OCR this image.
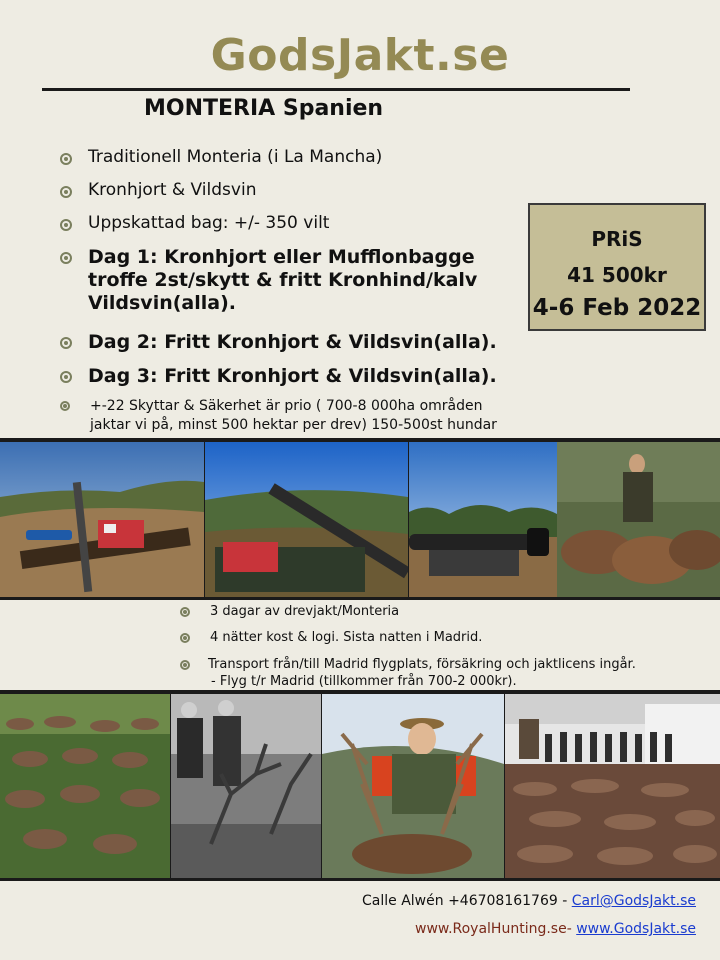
GodsJakt.se
MONTERIA Spanien
Traditionell Monteria (i La Mancha)
Kronhjort & Vildsvin
Uppskattad bag: +/- 350 vilt
Dag 1: Kronhjort eller Mufflonbagge troffe 2st/skytt & fritt Kronhind/kalv Vildsvin(alla).
Dag 2: Fritt Kronhjort & Vildsvin(alla).
Dag 3: Fritt Kronhjort & Vildsvin(alla).
+-22 Skyttar & Säkerhet är prio ( 700-8 000ha områden jaktar vi på, minst 500 hektar per drev) 150-500st hundar
PRiS
41 500kr
4-6 Feb 2022
3 dagar av drevjakt/Monteria
4 nätter kost & logi. Sista natten i Madrid.
Transport från/till Madrid flygplats, försäkring och jaktlicens ingår.
- Flyg t/r Madrid (tillkommer från 700-2 000kr).
Calle Alwén +46708161769 - Carl@GodsJakt.se
www.RoyalHunting.se- www.GodsJakt.se
